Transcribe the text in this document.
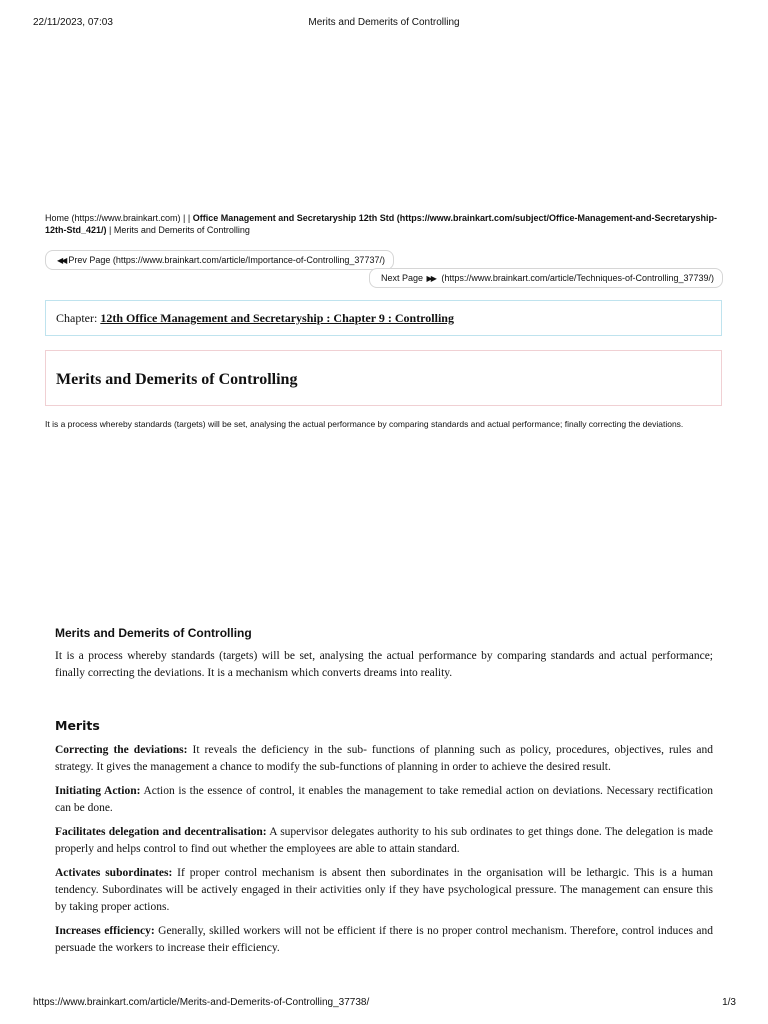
22/11/2023, 07:03	Merits and Demerits of Controlling
Home (https://www.brainkart.com) | | Office Management and Secretaryship 12th Std (https://www.brainkart.com/subject/Office-Management-and-Secretaryship-12th-Std_421/) | Merits and Demerits of Controlling
◀◀ Prev Page (https://www.brainkart.com/article/Importance-of-Controlling_37737/)
Next Page ▶▶ (https://www.brainkart.com/article/Techniques-of-Controlling_37739/)
Chapter: 12th Office Management and Secretaryship : Chapter 9 : Controlling
Merits and Demerits of Controlling
It is a process whereby standards (targets) will be set, analysing the actual performance by comparing standards and actual performance; finally correcting the deviations.
Merits and Demerits of Controlling

It is a process whereby standards (targets) will be set, analysing the actual performance by comparing standards and actual performance; finally correcting the deviations. It is a mechanism which converts dreams into reality.

Merits

Correcting the deviations: It reveals the deficiency in the sub- functions of planning such as policy, procedures, objectives, rules and strategy. It gives the management a chance to modify the sub-functions of planning in order to achieve the desired result.

Initiating Action: Action is the essence of control, it enables the management to take remedial action on deviations. Necessary rectification can be done.

Facilitates delegation and decentralisation: A supervisor delegates authority to his sub ordinates to get things done. The delegation is made properly and helps control to find out whether the employees are able to attain standard.

Activates subordinates: If proper control mechanism is absent then subordinates in the organisation will be lethargic. This is a human tendency. Subordinates will be actively engaged in their activities only if they have psychological pressure. The management can ensure this by taking proper actions.

Increases efficiency: Generally, skilled workers will not be efficient if there is no proper control mechanism. Therefore, control induces and persuade the workers to increase their efficiency.

https://www.brainkart.com/article/Merits-and-Demerits-of-Controlling_37738/	1/3
